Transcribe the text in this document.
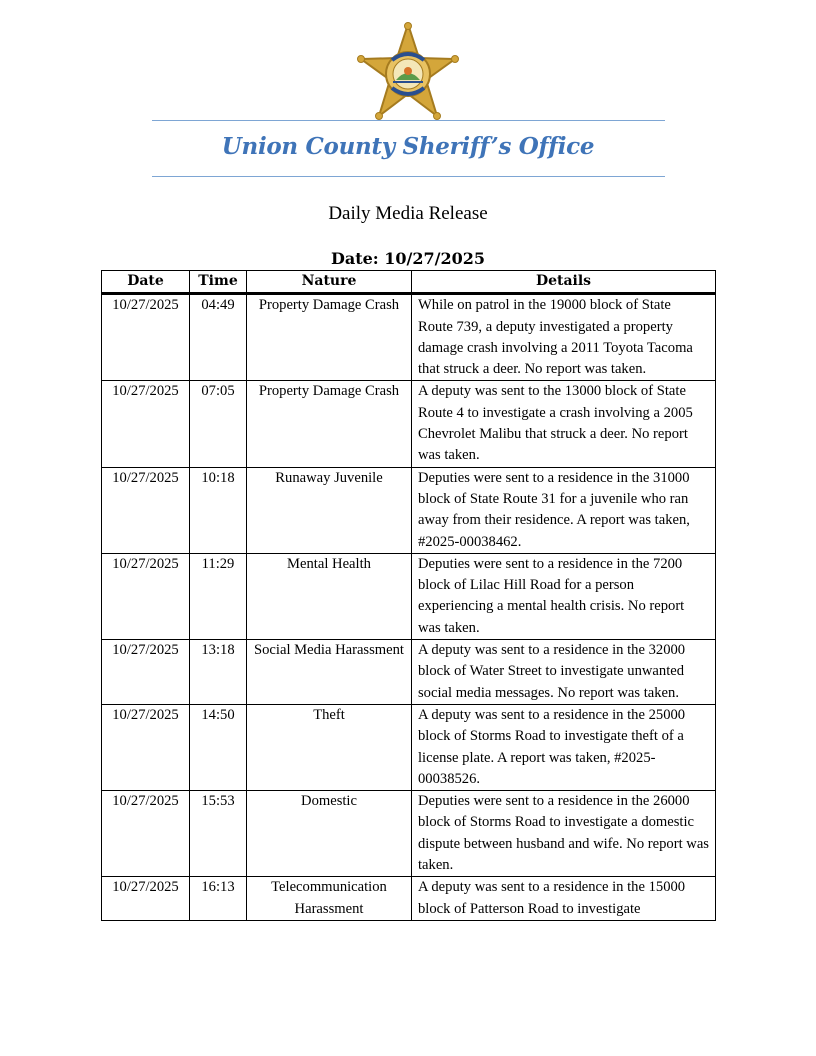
Union County Sheriff’s Office
Daily Media Release
Date: 10/27/2025
Date	Time	Nature	Details
10/27/2025	04:49	Property Damage Crash	While on patrol in the 19000 block of State Route 739, a deputy investigated a property damage crash involving a 2011 Toyota Tacoma that struck a deer. No report was taken.
10/27/2025	07:05	Property Damage Crash	A deputy was sent to the 13000 block of State Route 4 to investigate a crash involving a 2005 Chevrolet Malibu that struck a deer. No report was taken.
10/27/2025	10:18	Runaway Juvenile	Deputies were sent to a residence in the 31000 block of State Route 31 for a juvenile who ran away from their residence. A report was taken, #2025-00038462.
10/27/2025	11:29	Mental Health	Deputies were sent to a residence in the 7200 block of Lilac Hill Road for a person experiencing a mental health crisis. No report was taken.
10/27/2025	13:18	Social Media Harassment	A deputy was sent to a residence in the 32000 block of Water Street to investigate unwanted social media messages. No report was taken.
10/27/2025	14:50	Theft	A deputy was sent to a residence in the 25000 block of Storms Road to investigate theft of a license plate. A report was taken, #2025-00038526.
10/27/2025	15:53	Domestic	Deputies were sent to a residence in the 26000 block of Storms Road to investigate a domestic dispute between husband and wife. No report was taken.
10/27/2025	16:13	Telecommunication Harassment	A deputy was sent to a residence in the 15000 block of Patterson Road to investigate
